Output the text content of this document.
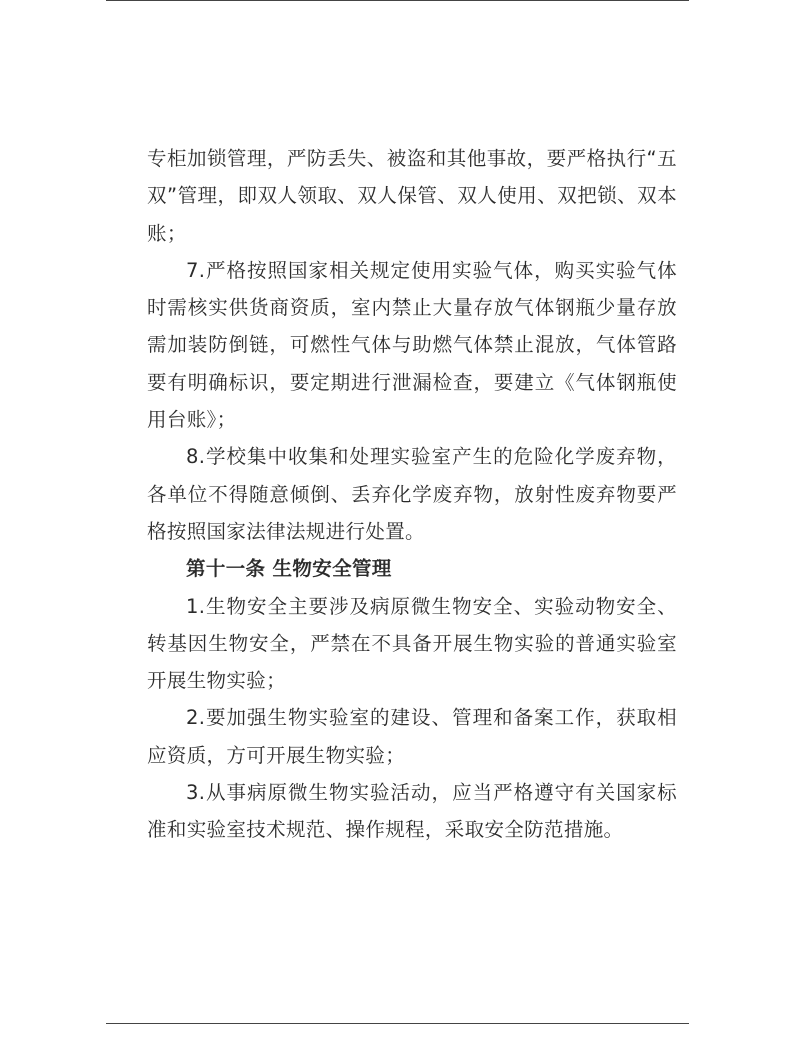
专柜加锁管理，严防丢失、被盗和其他事故，要严格执行“五双”管理，即双人领取、双人保管、双人使用、双把锁、双本账；

7.严格按照国家相关规定使用实验气体，购买实验气体时需核实供货商资质，室内禁止大量存放气体钢瓶少量存放需加装防倒链，可燃性气体与助燃气体禁止混放，气体管路要有明确标识，要定期进行泄漏检查，要建立《气体钢瓶使用台账》；

8.学校集中收集和处理实验室产生的危险化学废弃物，各单位不得随意倾倒、丢弃化学废弃物，放射性废弃物要严格按照国家法律法规进行处置。

第十一条 生物安全管理

1.生物安全主要涉及病原微生物安全、实验动物安全、转基因生物安全，严禁在不具备开展生物实验的普通实验室开展生物实验；

2.要加强生物实验室的建设、管理和备案工作，获取相应资质，方可开展生物实验；

3.从事病原微生物实验活动，应当严格遵守有关国家标准和实验室技术规范、操作规程，采取安全防范措施。
